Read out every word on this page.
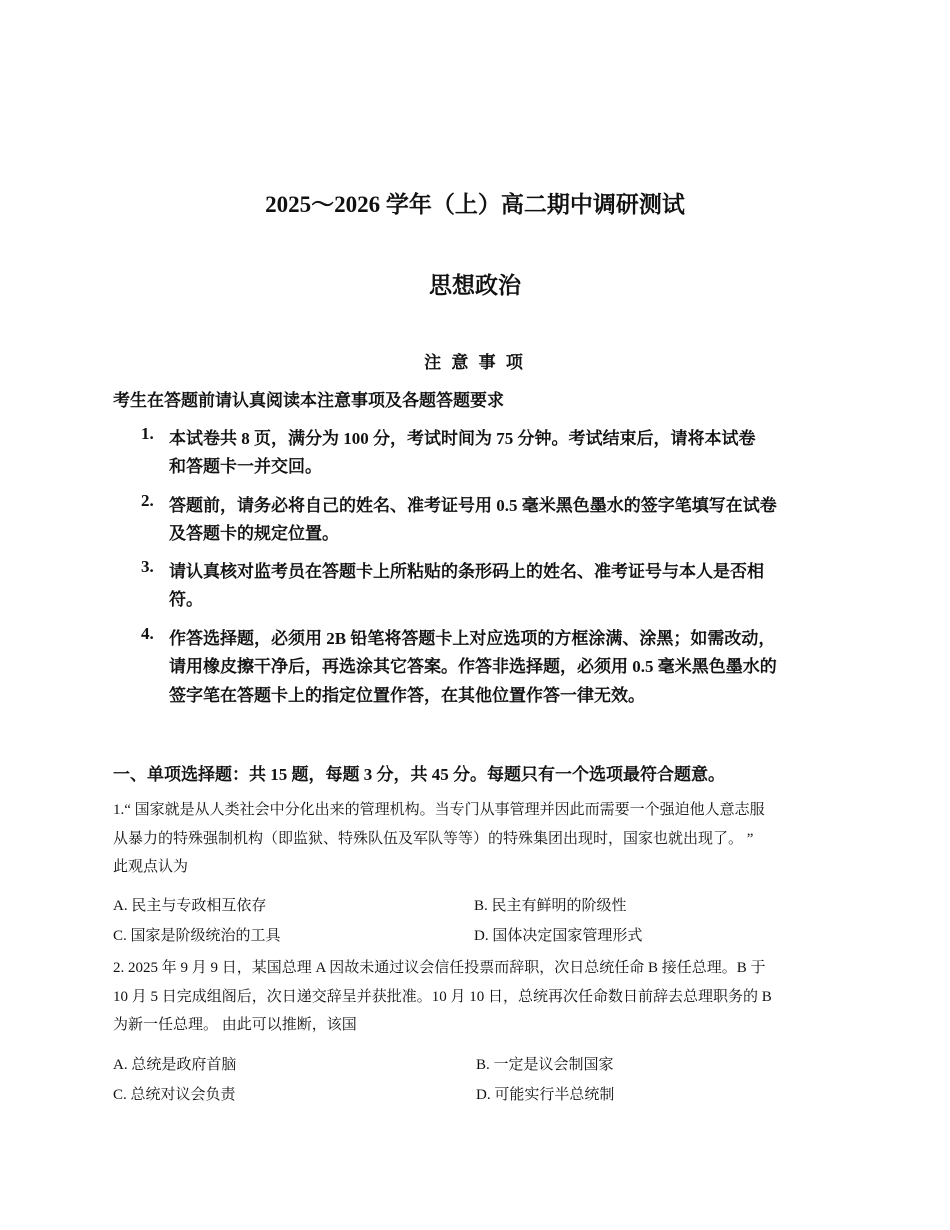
2025～2026 学年（上）高二期中调研测试
思想政治
注 意 事 项
考生在答题前请认真阅读本注意事项及各题答题要求
1. 本试卷共 8 页，满分为 100 分，考试时间为 75 分钟。考试结束后，请将本试卷
和答题卡一并交回。
2. 答题前，请务必将自己的姓名、准考证号用 0.5 毫米黑色墨水的签字笔填写在试卷
及答题卡的规定位置。
3. 请认真核对监考员在答题卡上所粘贴的条形码上的姓名、准考证号与本人是否相
符。
4. 作答选择题，必须用 2B 铅笔将答题卡上对应选项的方框涂满、涂黑；如需改动，
请用橡皮擦干净后，再选涂其它答案。作答非选择题，必须用 0.5 毫米黑色墨水的
签字笔在答题卡上的指定位置作答，在其他位置作答一律无效。
一、单项选择题：共 15 题，每题 3 分，共 45 分。每题只有一个选项最符合题意。
1.“ 国家就是从人类社会中分化出来的管理机构。当专门从事管理并因此而需要一个强迫他人意志服
从暴力的特殊强制机构（即监狱、特殊队伍及军队等等）的特殊集团出现时，国家也就出现了。 ”
此观点认为
A. 民主与专政相互依存	B. 民主有鲜明的阶级性
C. 国家是阶级统治的工具	D. 国体决定国家管理形式
2. 2025 年 9 月 9 日，某国总理 A 因故未通过议会信任投票而辞职，次日总统任命 B 接任总理。B 于
10 月 5 日完成组阁后，次日递交辞呈并获批准。10 月 10 日，总统再次任命数日前辞去总理职务的 B
为新一任总理。 由此可以推断，该国
A. 总统是政府首脑	B. 一定是议会制国家
C. 总统对议会负责	D. 可能实行半总统制
